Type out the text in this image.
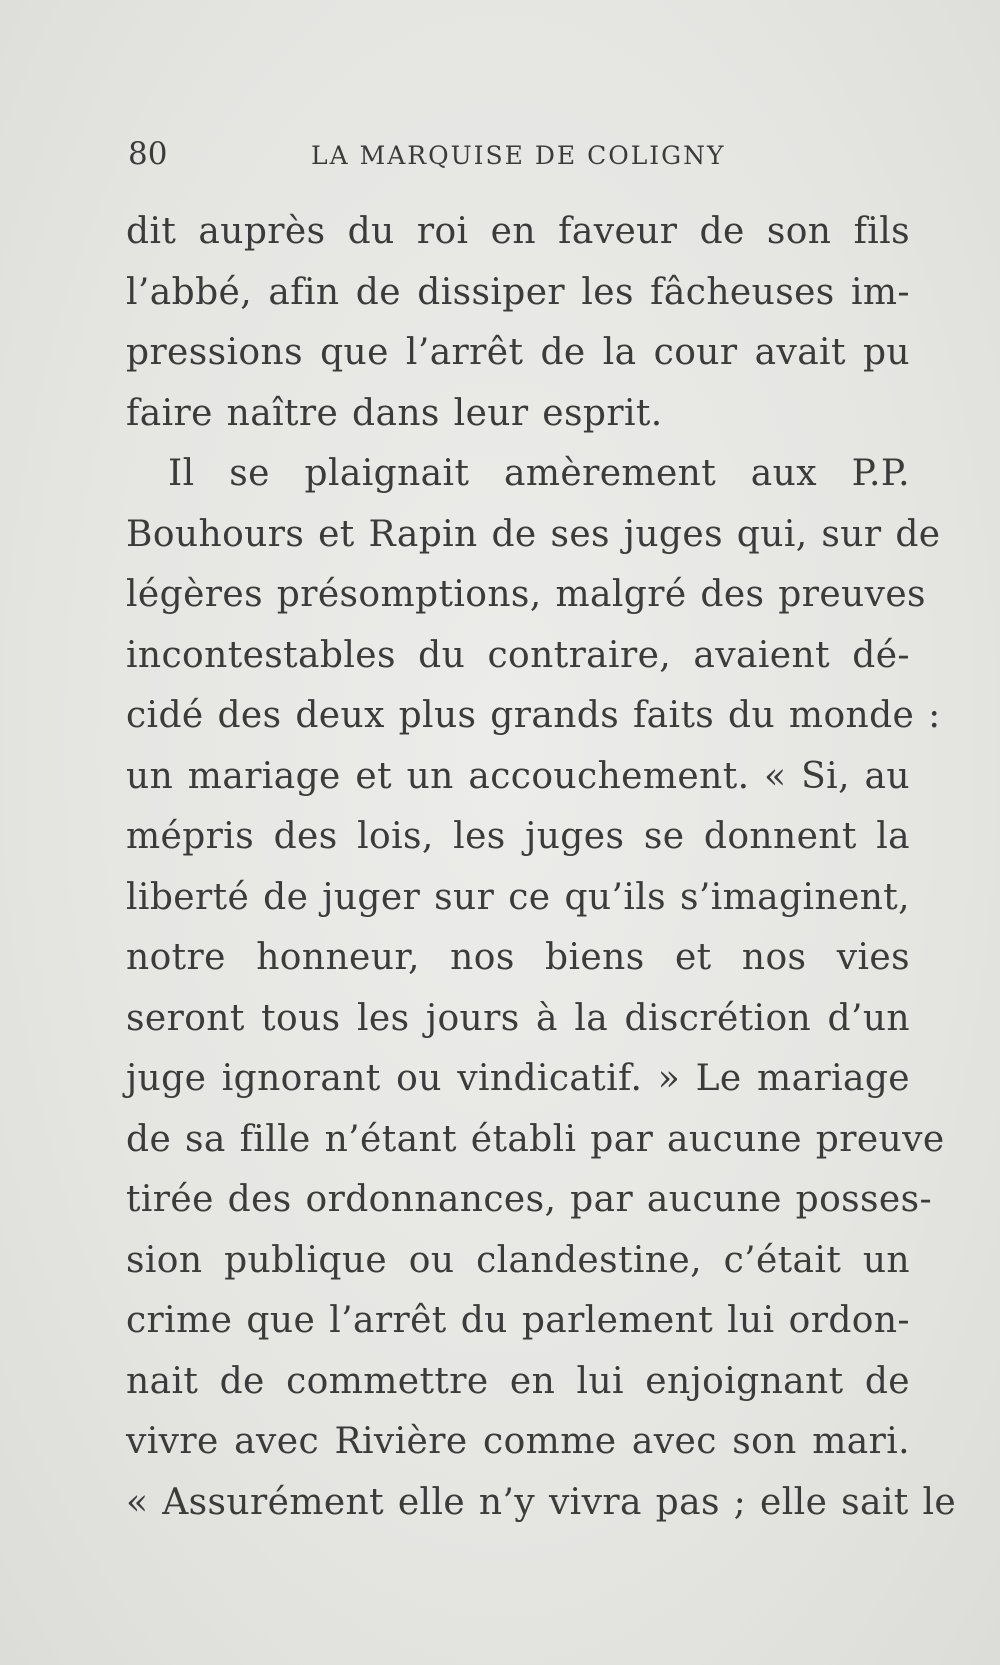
80	LA MARQUISE DE COLIGNY
dit auprès du roi en faveur de son fils
l’abbé, afin de dissiper les fâcheuses im-
pressions que l’arrêt de la cour avait pu
faire naître dans leur esprit.
Il se plaignait amèrement aux P.P.
Bouhours et Rapin de ses juges qui, sur de
légères présomptions, malgré des preuves
incontestables du contraire, avaient dé-
cidé des deux plus grands faits du monde :
un mariage et un accouchement. « Si, au
mépris des lois, les juges se donnent la
liberté de juger sur ce qu’ils s’imaginent,
notre honneur, nos biens et nos vies
seront tous les jours à la discrétion d’un
juge ignorant ou vindicatif. » Le mariage
de sa fille n’étant établi par aucune preuve
tirée des ordonnances, par aucune posses-
sion publique ou clandestine, c’était un
crime que l’arrêt du parlement lui ordon-
nait de commettre en lui enjoignant de
vivre avec Rivière comme avec son mari.
« Assurément elle n’y vivra pas ; elle sait le
